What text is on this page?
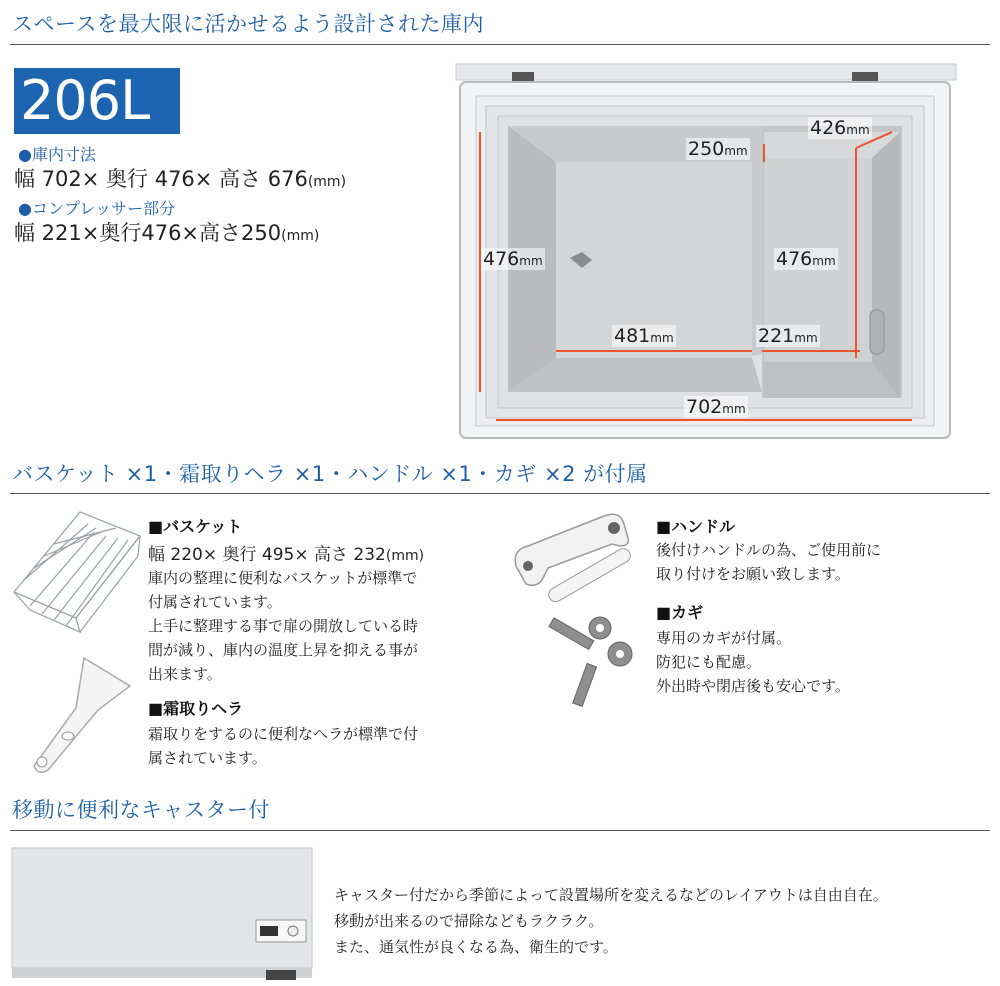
スペースを最大限に活かせるよう設計された庫内
206L
●庫内寸法
幅 702× 奥行 476× 高さ 676(mm)
●コンプレッサー部分
幅 221×奥行476×高さ250(mm)
426mm
250mm
476mm	476mm
481mm	221mm
702mm
バスケット ×1・霜取りヘラ ×1・ハンドル ×1・カギ ×2 が付属
■バスケット
幅 220× 奥行 495× 高さ 232(mm)
庫内の整理に便利なバスケットが標準で
付属されています。
上手に整理する事で扉の開放している時
間が減り、庫内の温度上昇を抑える事が
出来ます。
■霜取りヘラ
霜取りをするのに便利なヘラが標準で付
属されています。
■ハンドル
後付けハンドルの為、ご使用前に
取り付けをお願い致します。
■カギ
専用のカギが付属。
防犯にも配慮。
外出時や閉店後も安心です。
移動に便利なキャスター付
キャスター付だから季節によって設置場所を変えるなどのレイアウトは自由自在。
移動が出来るので掃除などもラクラク。
また、通気性が良くなる為、衛生的です。
